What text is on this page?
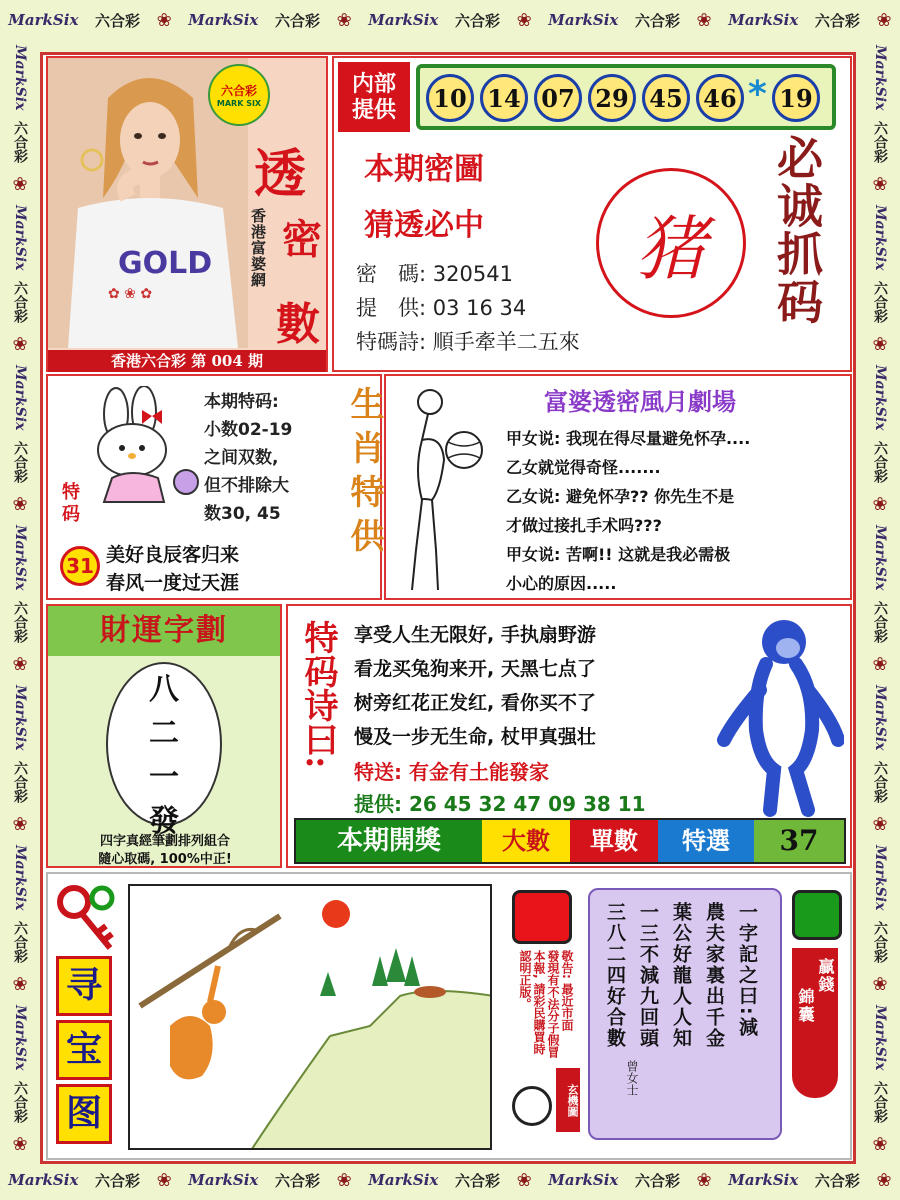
MarkSix 六合彩 ❀ MarkSix 六合彩 ❀ MarkSix 六合彩 ❀ MarkSix 六合彩 ❀ MarkSix 六合彩 ❀
MarkSix 六合彩 ❀ MarkSix 六合彩 ❀ MarkSix 六合彩 ❀ MarkSix 六合彩 ❀ MarkSix 六合彩 ❀
MarkSix
六合彩
❀
MarkSix
六合彩
❀
MarkSix
六合彩
❀
MarkSix
六合彩
❀
MarkSix
六合彩
❀
MarkSix
六合彩
❀
MarkSix
六合彩
❀
MarkSix
六合彩
❀
MarkSix
六合彩
❀
MarkSix
六合彩
❀
MarkSix
六合彩
❀
MarkSix
六合彩
❀
MarkSix
六合彩
❀
MarkSix
六合彩
❀
GOLD
✿ ❀ ✿
六合彩
MARK SIX
透
密
數
香港富婆網
香港六合彩 第 004 期
内部提供	10 14 07 29 45 46 * 19
本期密圖
猜透必中
密　碼: 320541
提　供: 03 16 34
特碼詩: 順手牽羊二五來
猪 必诚抓码
本期特码:
小数02-19
之间双数,
但不排除大
数30, 45
特码
31 美好良辰客归来
春风一度过天涯
生肖特供	富婆透密風月劇場
甲女说: 我现在得尽量避免怀孕....
乙女就觉得奇怪.......
乙女说: 避免怀孕?? 你先生不是
才做过接扎手术吗???
甲女说: 苦啊!! 这就是我必需极
小心的原因.....
財運字劃
八
二
一
發
四字真經筆劃排列組合
隨心取碼, 100%中正!
特码诗曰: 享受人生无限好, 手执扇野游
看龙买兔狗来开, 天黑七点了
树旁红花正发红, 看你买不了
慢及一步无生命, 杖甲真强壮
特送: 有金有土能發家
提供: 26 45 32 47 09 38 11
本期開獎	大數	單數	特選	37
寻
宝
图
敬告: 最近市面
發現有不法分子假冒
本報, 請彩民購買時
認明正版。
玄機圖
一字記之曰:減
農夫家裏出千金
葉公好龍人人知
一三不減九回頭
三八二四好合數
曾女士
錦囊
贏錢
